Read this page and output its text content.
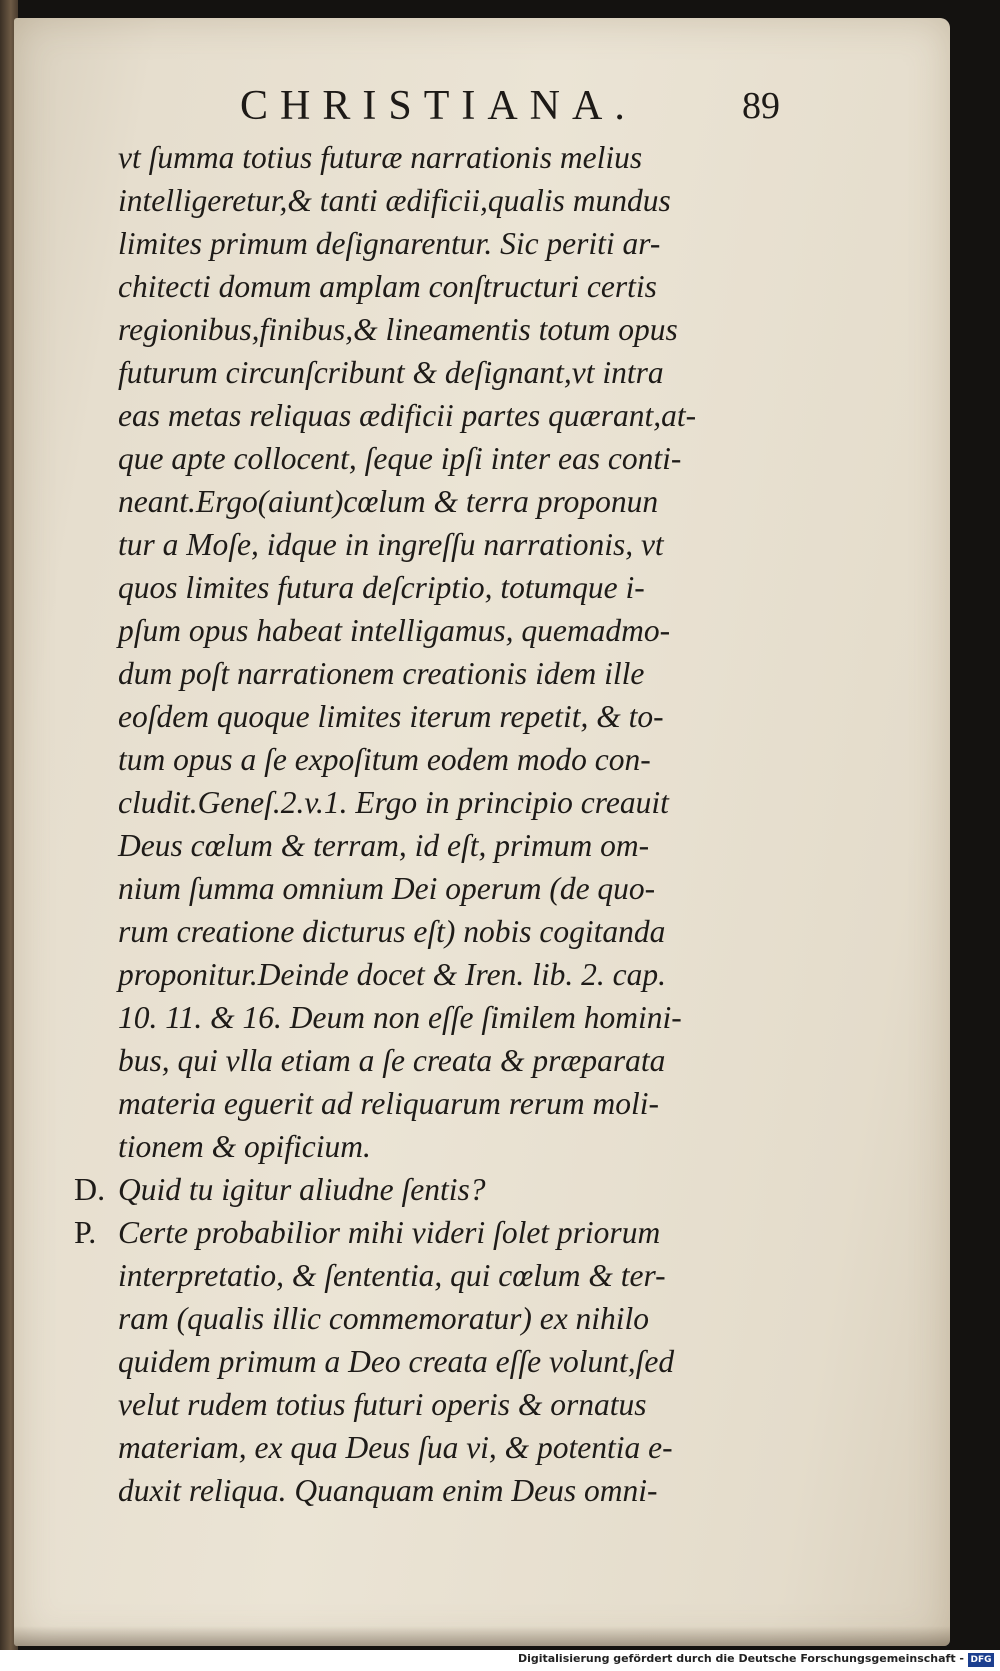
CHRISTIANA.	89
vt ſumma totius futuræ narrationis melius
intelligeretur,& tanti ædificii,qualis mundus
limites primum deſignarentur. Sic periti ar-
chitecti domum amplam conſtructuri certis
regionibus,finibus,& lineamentis totum opus
futurum circunſcribunt & deſignant,vt intra
eas metas reliquas ædificii partes quærant,at-
que apte collocent, ſeque ipſi inter eas conti-
neant.Ergo(aiunt)cœlum & terra proponun
tur a Moſe, idque in ingreſſu narrationis, vt
quos limites futura deſcriptio, totumque i-
pſum opus habeat intelligamus, quemadmo-
dum poſt narrationem creationis idem ille
eoſdem quoque limites iterum repetit, & to-
tum opus a ſe expoſitum eodem modo con-
cludit.Geneſ.2.v.1. Ergo in principio creauit
Deus cœlum & terram, id eſt, primum om-
nium ſumma omnium Dei operum (de quo-
rum creatione dicturus eſt) nobis cogitanda
proponitur.Deinde docet & Iren. lib. 2. cap.
10. 11. & 16. Deum non eſſe ſimilem homini-
bus, qui vlla etiam a ſe creata & præparata
materia eguerit ad reliquarum rerum moli-
tionem & opificium.
D. Quid tu igitur aliudne ſentis?
P. Certe probabilior mihi videri ſolet priorum
interpretatio, & ſententia, qui cœlum & ter-
ram (qualis illic commemoratur) ex nihilo
quidem primum a Deo creata eſſe volunt,ſed
velut rudem totius futuri operis & ornatus
materiam, ex qua Deus ſua vi, & potentia e-
duxit reliqua. Quanquam enim Deus omni-
Digitalisierung gefördert durch die Deutsche Forschungsgemeinschaft - DFG
